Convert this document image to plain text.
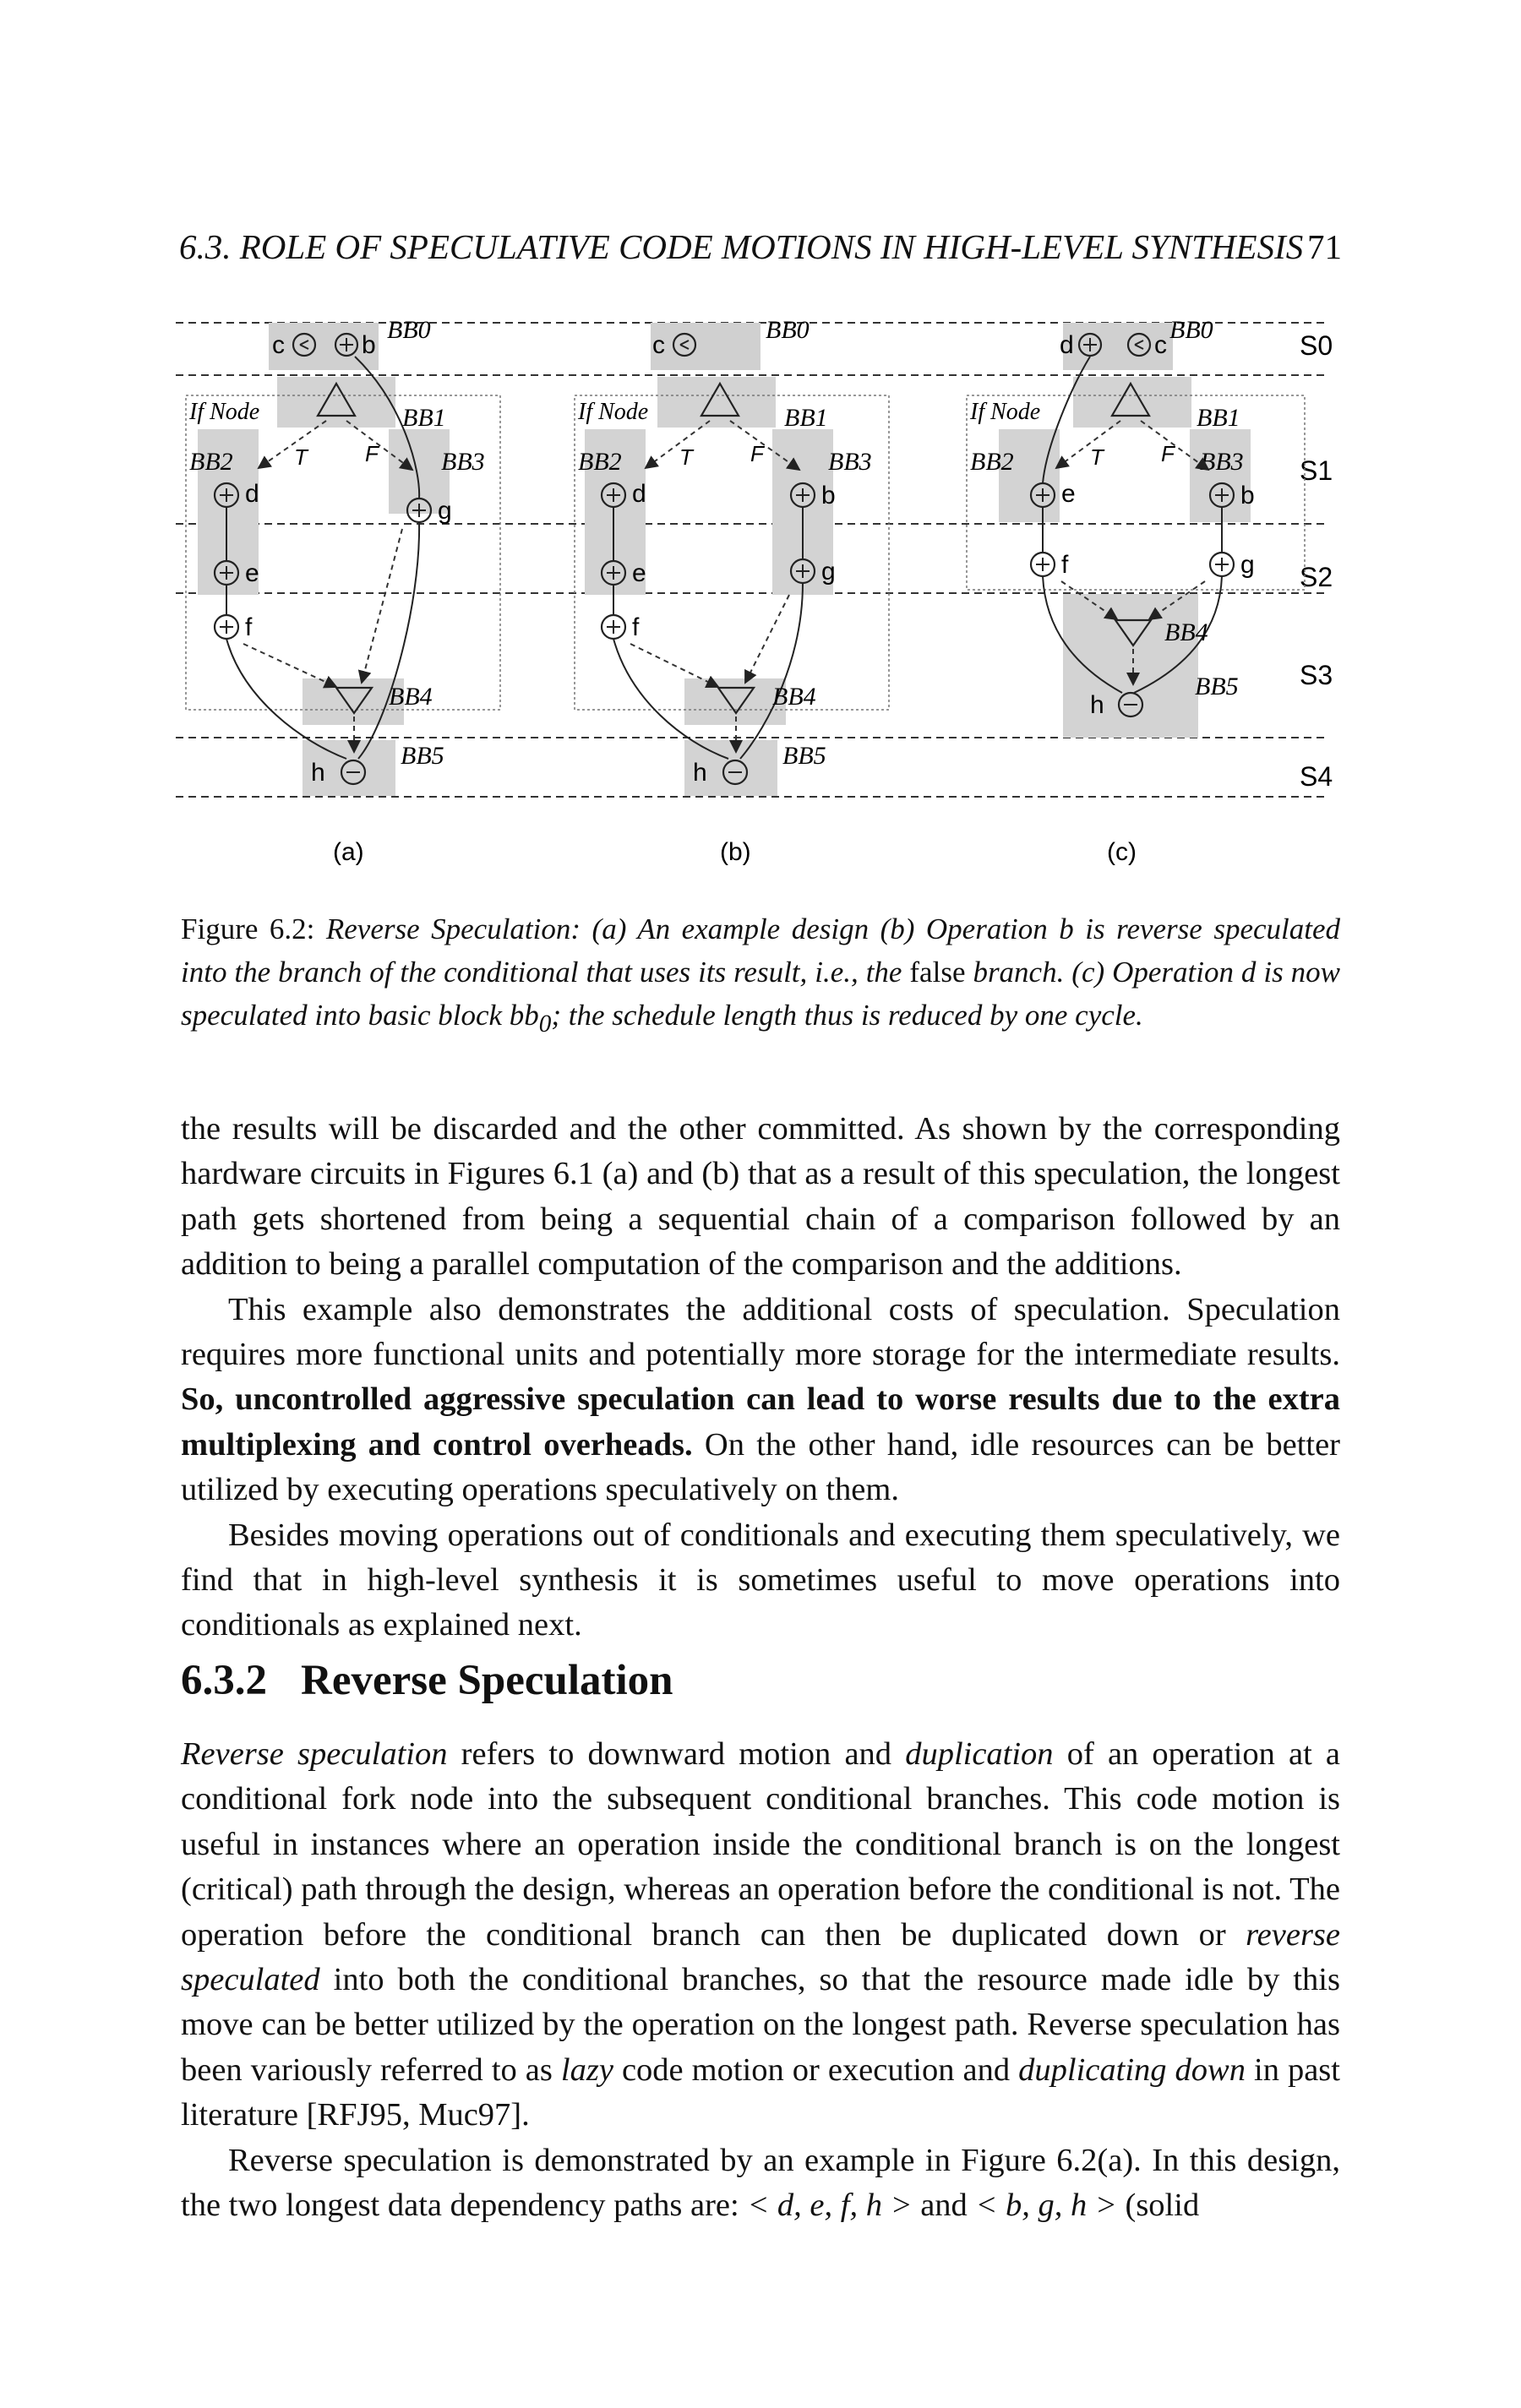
6.3. ROLE OF SPECULATIVE CODE MOTIONS IN HIGH-LEVEL SYNTHESIS 71
S0
S1
S2
S3
S4
c	b
BB0
If Node	BB1
BB2	BB3
T	F
d
g
e
f
BB4
h
BB5
(a)
c
BB0
If Node	BB1
BB2	BB3
T	F
d	b
e	g
f
BB4
h
BB5
(b)
d	c
BB0
If Node	BB1
BB2	BB3
T	F
e	b
f	g
BB4
h
BB5
(c)
Figure 6.2: Reverse Speculation: (a) An example design (b) Operation b is reverse speculated into the branch of the conditional that uses its result, i.e., the false branch. (c) Operation d is now speculated into basic block $bb_0$; the schedule length thus is reduced by one cycle.

the results will be discarded and the other committed. As shown by the corresponding hardware circuits in Figures 6.1 (a) and (b) that as a result of this speculation, the longest path gets shortened from being a sequential chain of a comparison followed by an addition to being a parallel computation of the comparison and the additions.

This example also demonstrates the additional costs of speculation. Speculation requires more functional units and potentially more storage for the intermediate results. So, uncontrolled aggressive speculation can lead to worse results due to the extra multiplexing and control overheads. On the other hand, idle resources can be better utilized by executing operations speculatively on them.

Besides moving operations out of conditionals and executing them speculatively, we find that in high-level synthesis it is sometimes useful to move operations into conditionals as explained next.

6.3.2 Reverse Speculation

Reverse speculation refers to downward motion and duplication of an operation at a conditional fork node into the subsequent conditional branches. This code motion is useful in instances where an operation inside the conditional branch is on the longest (critical) path through the design, whereas an operation before the conditional is not. The operation before the conditional branch can then be duplicated down or reverse speculated into both the conditional branches, so that the resource made idle by this move can be better utilized by the operation on the longest path. Reverse speculation has been variously referred to as lazy code motion or execution and duplicating down in past literature [RFJ95, Muc97].

Reverse speculation is demonstrated by an example in Figure 6.2(a). In this design, the two longest data dependency paths are: < d, e, f, h > and < b, g, h > (solid
